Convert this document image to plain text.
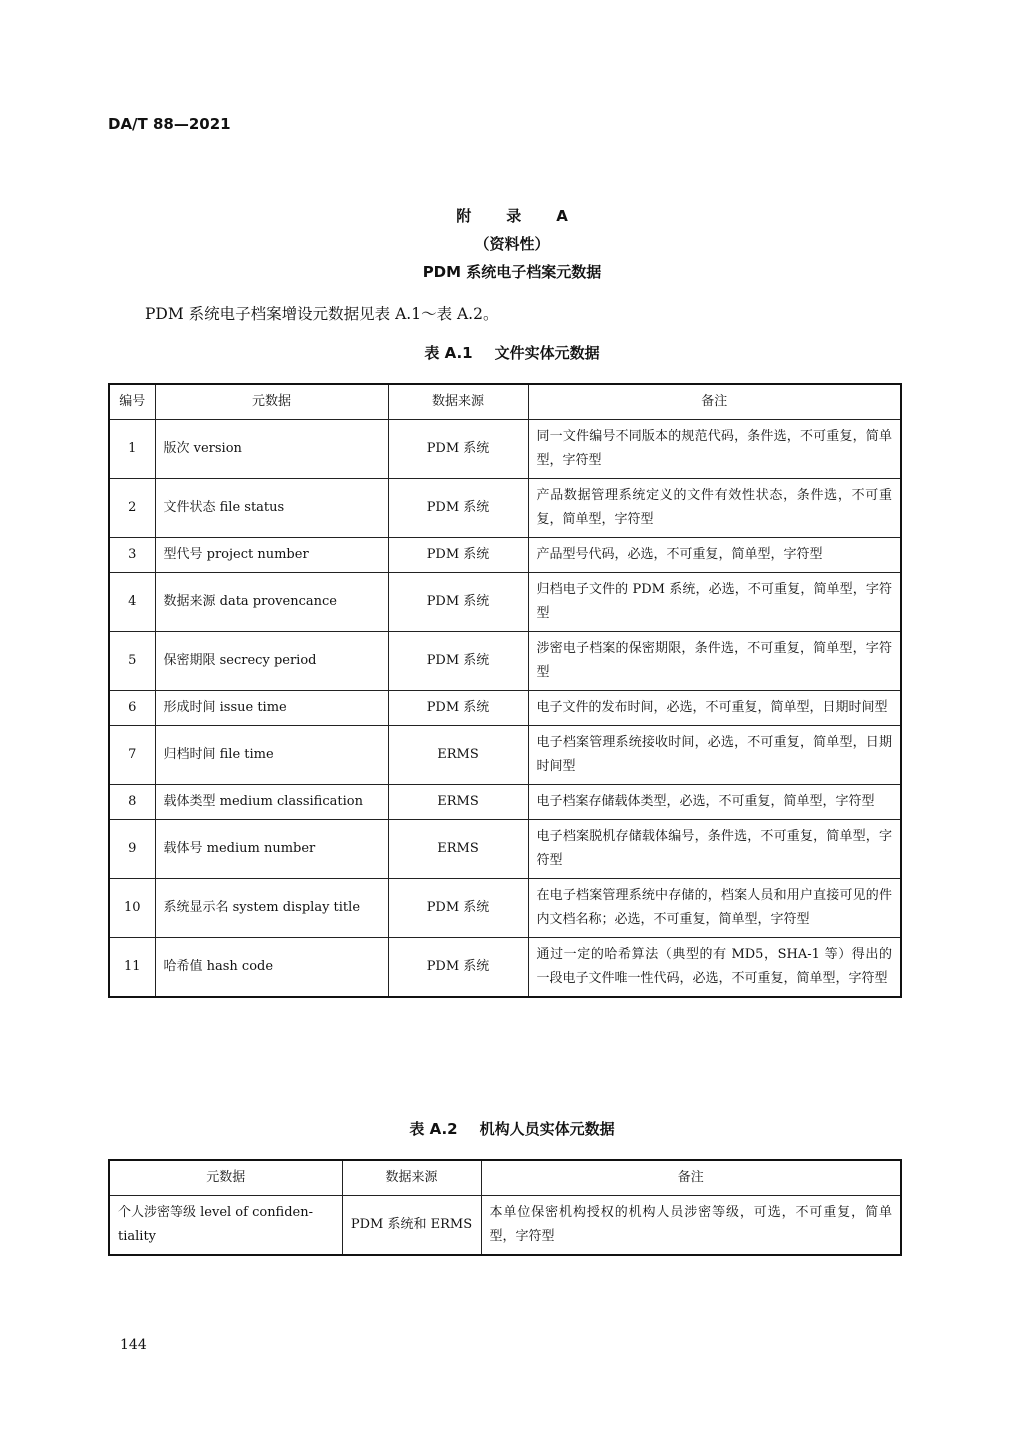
DA/T 88—2021
附　录　A
（资料性）
PDM 系统电子档案元数据
PDM 系统电子档案增设元数据见表 A.1～表 A.2。
表 A.1 文件实体元数据
编号	元数据	数据来源	备注
1	版次 version	PDM 系统	同一文件编号不同版本的规范代码，条件选，不可重复，简单型，字符型
2	文件状态 file status	PDM 系统	产品数据管理系统定义的文件有效性状态，条件选，不可重复，简单型，字符型
3	型代号 project number	PDM 系统	产品型号代码，必选，不可重复，简单型，字符型
4	数据来源 data provencance	PDM 系统	归档电子文件的 PDM 系统，必选，不可重复，简单型，字符型
5	保密期限 secrecy period	PDM 系统	涉密电子档案的保密期限，条件选，不可重复，简单型，字符型
6	形成时间 issue time	PDM 系统	电子文件的发布时间，必选，不可重复，简单型，日期时间型
7	归档时间 file time	ERMS	电子档案管理系统接收时间，必选，不可重复，简单型，日期时间型
8	载体类型 medium classification	ERMS	电子档案存储载体类型，必选，不可重复，简单型，字符型
9	载体号 medium number	ERMS	电子档案脱机存储载体编号，条件选，不可重复，简单型，字符型
10	系统显示名 system display title	PDM 系统	在电子档案管理系统中存储的，档案人员和用户直接可见的件内文档名称；必选，不可重复，简单型，字符型
11	哈希值 hash code	PDM 系统	通过一定的哈希算法（典型的有 MD5，SHA-1 等）得出的一段电子文件唯一性代码，必选，不可重复，简单型，字符型
表 A.2 机构人员实体元数据
元数据	数据来源	备注
个人涉密等级 level of confiden-tiality	PDM 系统和 ERMS	本单位保密机构授权的机构人员涉密等级，可选，不可重复，简单型，字符型
144
